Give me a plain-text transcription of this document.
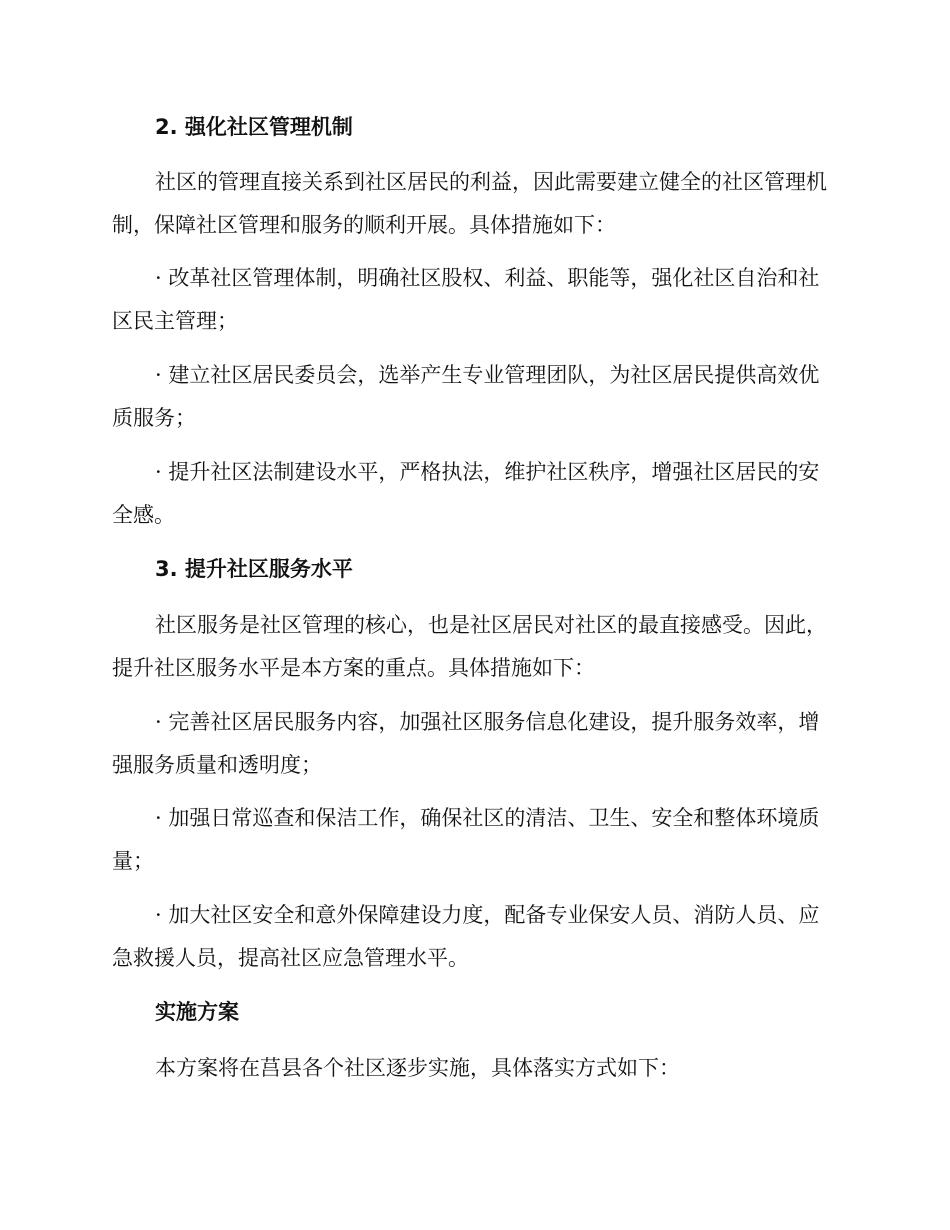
2. 强化社区管理机制

社区的管理直接关系到社区居民的利益，因此需要建立健全的社区管理机制，保障社区管理和服务的顺利开展。具体措施如下：

· 改革社区管理体制，明确社区股权、利益、职能等，强化社区自治和社区民主管理；

· 建立社区居民委员会，选举产生专业管理团队，为社区居民提供高效优质服务；

· 提升社区法制建设水平，严格执法，维护社区秩序，增强社区居民的安全感。

3. 提升社区服务水平

社区服务是社区管理的核心，也是社区居民对社区的最直接感受。因此，提升社区服务水平是本方案的重点。具体措施如下：

· 完善社区居民服务内容，加强社区服务信息化建设，提升服务效率，增强服务质量和透明度；

· 加强日常巡查和保洁工作，确保社区的清洁、卫生、安全和整体环境质量；

· 加大社区安全和意外保障建设力度，配备专业保安人员、消防人员、应急救援人员，提高社区应急管理水平。

实施方案

本方案将在莒县各个社区逐步实施，具体落实方式如下：
